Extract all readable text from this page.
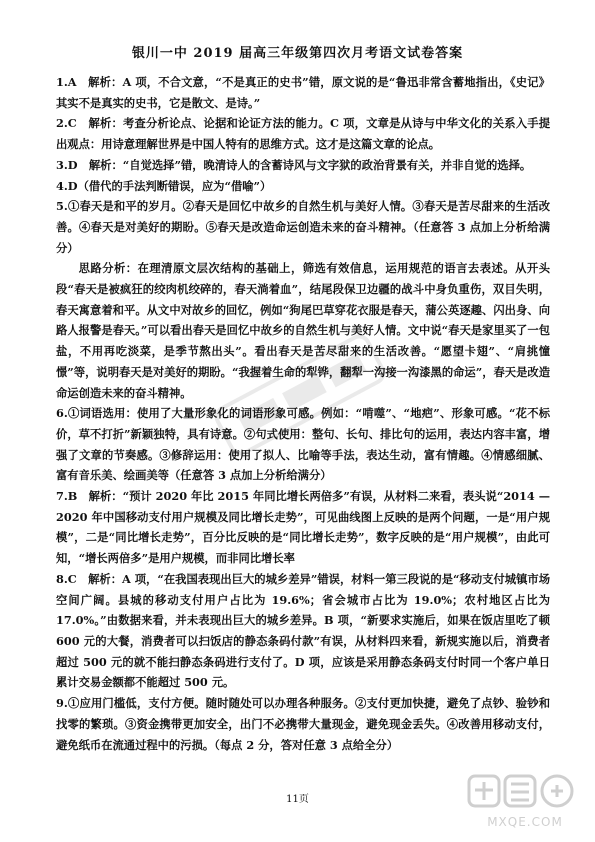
银川一中 2019 届高三年级第四次月考语文试卷答案

1.A　解析：A 项，不合文意，“不是真正的史书”错，原文说的是“鲁迅非常含蓄地指出，《史记》其实不是真实的史书，它是散文、是诗。”

2.C　解析：考查分析论点、论据和论证方法的能力。C 项，文章是从诗与中华文化的关系入手提出观点：用诗意理解世界是中国人特有的思维方式。这才是这篇文章的论点。

3.D　解析：“自觉选择”错，晚清诗人的含蓄诗风与文字狱的政治背景有关，并非自觉的选择。

4.D（借代的手法判断错误，应为“借喻”）

5.①春天是和平的岁月。②春天是回忆中故乡的自然生机与美好人情。③春天是苦尽甜来的生活改善。④春天是对美好的期盼。⑤春天是改造命运创造未来的奋斗精神。（任意答 3 点加上分析给满分）

思路分析：在理清原文层次结构的基础上，筛选有效信息，运用规范的语言去表述。从开头段“春天是被疯狂的绞肉机绞碎的，春天淌着血”，结尾段保卫边疆的战斗中身负重伤，双目失明，春天寓意着和平。从文中对故乡的回忆，例如“狗尾巴草穿花衣服是春天，蒲公英逐趣、闪出身、向路人报警是春天。”可以看出春天是回忆中故乡的自然生机与美好人情。文中说“春天是家里买了一包盐，不用再吃淡菜，是季节熬出头”。看出春天是苦尽甜来的生活改善。“愿望卡翅”、“肩挑憧憬”等，说明春天是对美好的期盼。“我握着生命的犁铧，翻犁一沟接一沟漆黑的命运”，春天是改造命运创造未来的奋斗精神。

6.①词语选用：使用了大量形象化的词语形象可感。例如：“啃噬”、“地疤”、形象可感。“花不标价，草不打折”新颖独特，具有诗意。②句式使用：整句、长句、排比句的运用，表达内容丰富，增强了文章的节奏感。③修辞运用：使用了拟人、比喻等手法，表达生动，富有情趣。④情感细腻、富有音乐美、绘画美等（任意答 3 点加上分析给满分）

7.B　解析：“预计 2020 年比 2015 年同比增长两倍多”有误，从材料二来看，表头说“2014 — 2020 年中国移动支付用户规模及同比增长走势”，可见曲线图上反映的是两个问题，一是“用户规模”，二是“同比增长走势”，百分比反映的是“同比增长走势”，数字反映的是“用户规模”，由此可知，“增长两倍多”是用户规模，而非同比增长率

8.C　解析：A 项，“在我国表现出巨大的城乡差异”错误，材料一第三段说的是“移动支付城镇市场空间广阔。县城的移动支付用户占比为 19.6%；省会城市占比为 19.0%；农村地区占比为 17.0%。”由数据来看，并未表现出巨大的城乡差异。B 项，“新要求实施后，如果在饭店里吃了顿 600 元的大餐，消费者可以扫饭店的静态条码付款”有误，从材料四来看，新规实施以后，消费者超过 500 元的就不能扫静态条码进行支付了。D 项，应该是采用静态条码支付时同一个客户单日累计交易金额都不能超过 500 元。

9.①应用门槛低，支付方便。随时随处可以办理各种服务。②支付更加快捷，避免了点钞、验钞和找零的繁琐。③资金携带更加安全，出门不必携带大量现金，避免现金丢失。④改善用移动支付，避免纸币在流通过程中的污损。（每点 2 分，答对任意 3 点给全分）

11页
MXQE.COM
